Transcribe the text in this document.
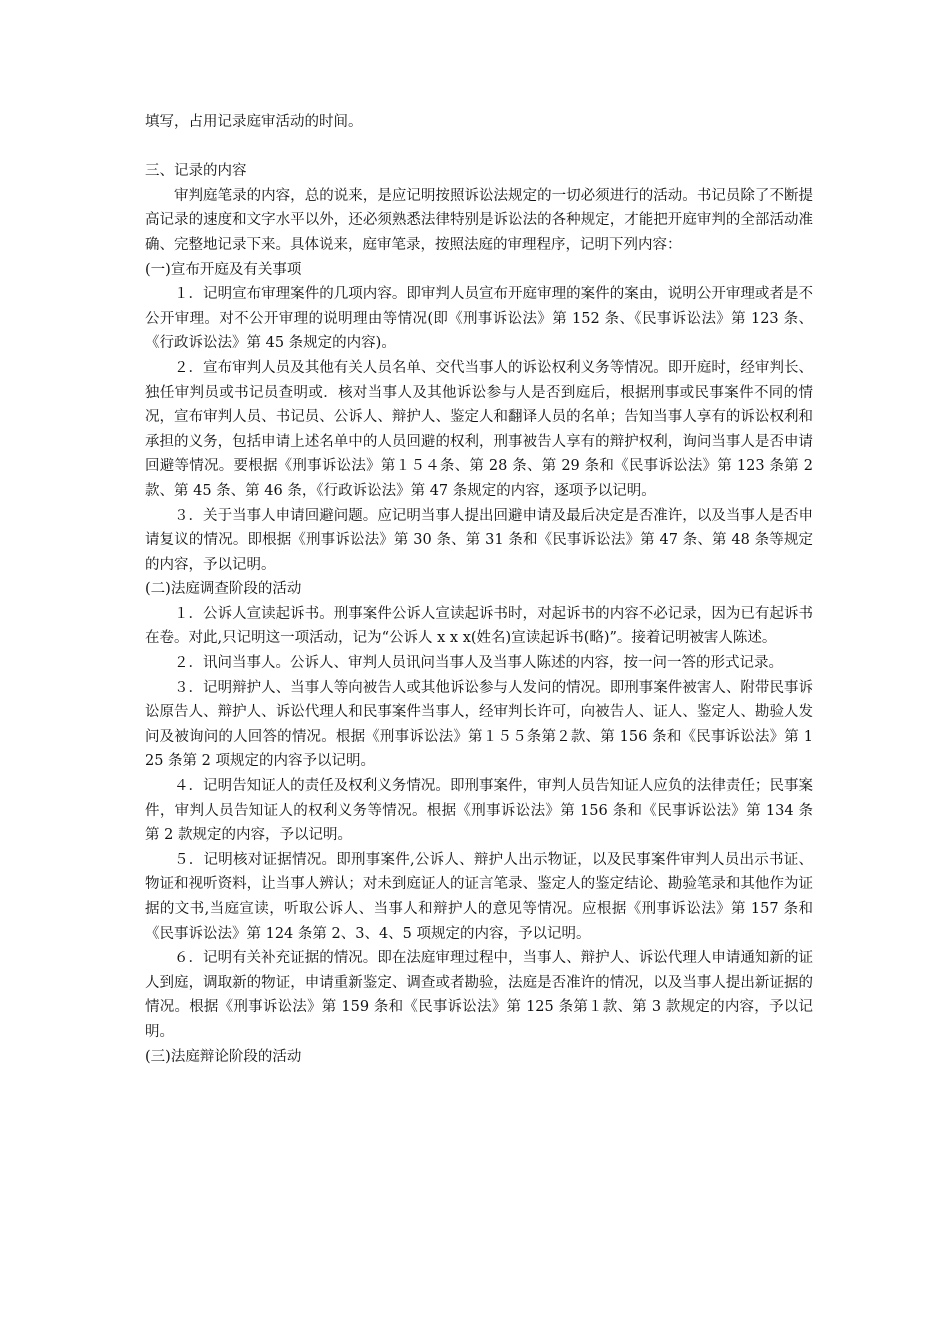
填写，占用记录庭审活动的时间。

三、记录的内容

审判庭笔录的内容，总的说来，是应记明按照诉讼法规定的一切必须进行的活动。书记员除了不断提高记录的速度和文字水平以外，还必须熟悉法律特别是诉讼法的各种规定，才能把开庭审判的全部活动准确、完整地记录下来。具体说来，庭审笔录，按照法庭的审理程序，记明下列内容：

(一)宣布开庭及有关事项

１．记明宣布审理案件的几项内容。即审判人员宣布开庭审理的案件的案由，说明公开审理或者是不公开审理。对不公开审理的说明理由等情况(即《刑事诉讼法》第 152 条、《民事诉讼法》第 123 条、《行政诉讼法》第 45 条规定的内容)。

２．宣布审判人员及其他有关人员名单、交代当事人的诉讼权利义务等情况。即开庭时，经审判长、独任审判员或书记员查明或．核对当事人及其他诉讼参与人是否到庭后，根据刑事或民事案件不同的情况，宣布审判人员、书记员、公诉人、辩护人、鉴定人和翻译人员的名单；告知当事人享有的诉讼权利和承担的义务，包括申请上述名单中的人员回避的权利，刑事被告人享有的辩护权利，询问当事人是否申请回避等情况。要根据《刑事诉讼法》第１５４条、第 28 条、第 29 条和《民事诉讼法》第 123 条第 2 款、第 45 条、第 46 条，《行政诉讼法》第 47 条规定的内容，逐项予以记明。

３．关于当事人申请回避问题。应记明当事人提出回避申请及最后决定是否准许，以及当事人是否申请复议的情况。即根据《刑事诉讼法》第 30 条、第 31 条和《民事诉讼法》第 47 条、第 48 条等规定的内容，予以记明。

(二)法庭调查阶段的活动

１．公诉人宣读起诉书。刑事案件公诉人宣读起诉书时，对起诉书的内容不必记录，因为已有起诉书在卷。对此,只记明这一项活动，记为“公诉人 x x x(姓名)宣读起诉书(略)”。接着记明被害人陈述。

２．讯问当事人。公诉人、审判人员讯问当事人及当事人陈述的内容，按一问一答的形式记录。

３．记明辩护人、当事人等向被告人或其他诉讼参与人发问的情况。即刑事案件被害人、附带民事诉讼原告人、辩护人、诉讼代理人和民事案件当事人，经审判长许可，向被告人、证人、鉴定人、勘验人发问及被询问的人回答的情况。根据《刑事诉讼法》第１５５条第２款、第 156 条和《民事诉讼法》第 125 条第 2 项规定的内容予以记明。

４．记明告知证人的责任及权利义务情况。即刑事案件，审判人员告知证人应负的法律责任；民事案件，审判人员告知证人的权利义务等情况。根据《刑事诉讼法》第 156 条和《民事诉讼法》第 134 条第 2 款规定的内容，予以记明。

５．记明核对证据情况。即刑事案件,公诉人、辩护人出示物证，以及民事案件审判人员出示书证、物证和视听资料，让当事人辨认；对未到庭证人的证言笔录、鉴定人的鉴定结论、勘验笔录和其他作为证据的文书,当庭宣读，听取公诉人、当事人和辩护人的意见等情况。应根据《刑事诉讼法》第 157 条和《民事诉讼法》第 124 条第 2、3、4、5 项规定的内容，予以记明。

６．记明有关补充证据的情况。即在法庭审理过程中，当事人、辩护人、诉讼代理人申请通知新的证人到庭，调取新的物证，申请重新鉴定、调查或者勘验，法庭是否准许的情况，以及当事人提出新证据的情况。根据《刑事诉讼法》第 159 条和《民事诉讼法》第 125 条第１款、第 3 款规定的内容，予以记明。

(三)法庭辩论阶段的活动
